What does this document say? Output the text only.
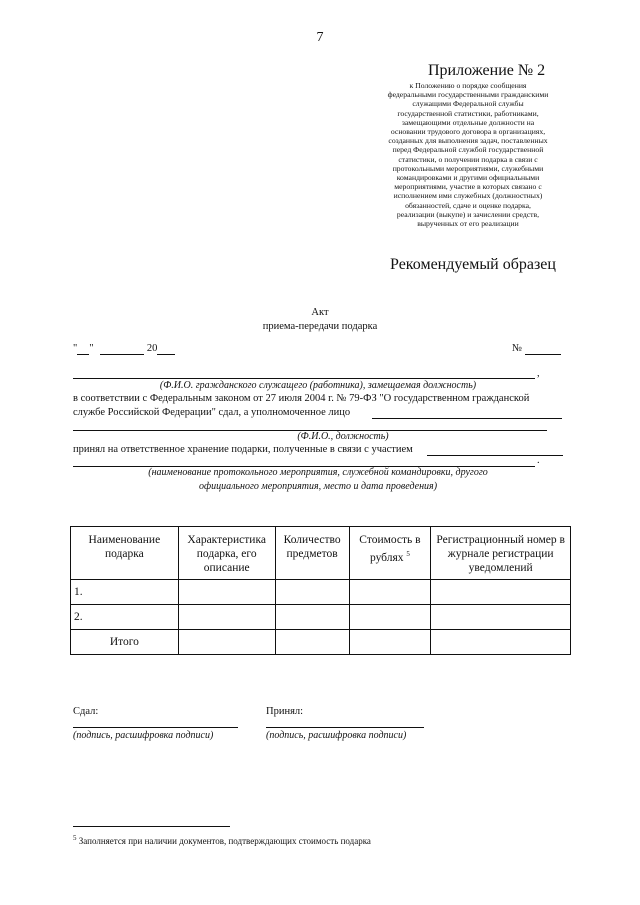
7
Приложение № 2
к Положению о порядке сообщения
федеральными государственными гражданскими
служащими Федеральной службы
государственной статистики, работниками,
замещающими отдельные должности на
основании трудового договора в организациях,
созданных для выполнения задач, поставленных
перед Федеральной службой государственной
статистики, о получении подарка в связи с
протокольными мероприятиями, служебными
командировками и другими официальными
мероприятиями, участие в которых связано с
исполнением ими служебных (должностных)
обязанностей, сдаче и оценке подарка,
реализации (выкупе) и зачислении средств,
вырученных от его реализации
Рекомендуемый образец
Акт
приема-передачи подарка
" "	20	№
,
(Ф.И.О. гражданского служащего (работника), замещаемая должность)
в соответствии с Федеральным законом от 27 июля 2004 г. № 79-ФЗ "О государственном гражданской
службе Российской Федерации" сдал, а уполномоченное лицо
(Ф.И.О., должность)
принял на ответственное хранение подарки, полученные в связи с участием
.
(наименование протокольного мероприятия, служебной командировки, другого
официального мероприятия, место и дата проведения)
Наименование подарка	Характеристика подарка, его описание	Количество предметов	Стоимость в рублях $^5$	Регистрационный номер в журнале регистрации уведомлений
1.				
2.				
Итого				
Сдал:	Принял:
(подпись, расшифровка подписи)	(подпись, расшифровка подписи)
$^5$ Заполняется при наличии документов, подтверждающих стоимость подарка
